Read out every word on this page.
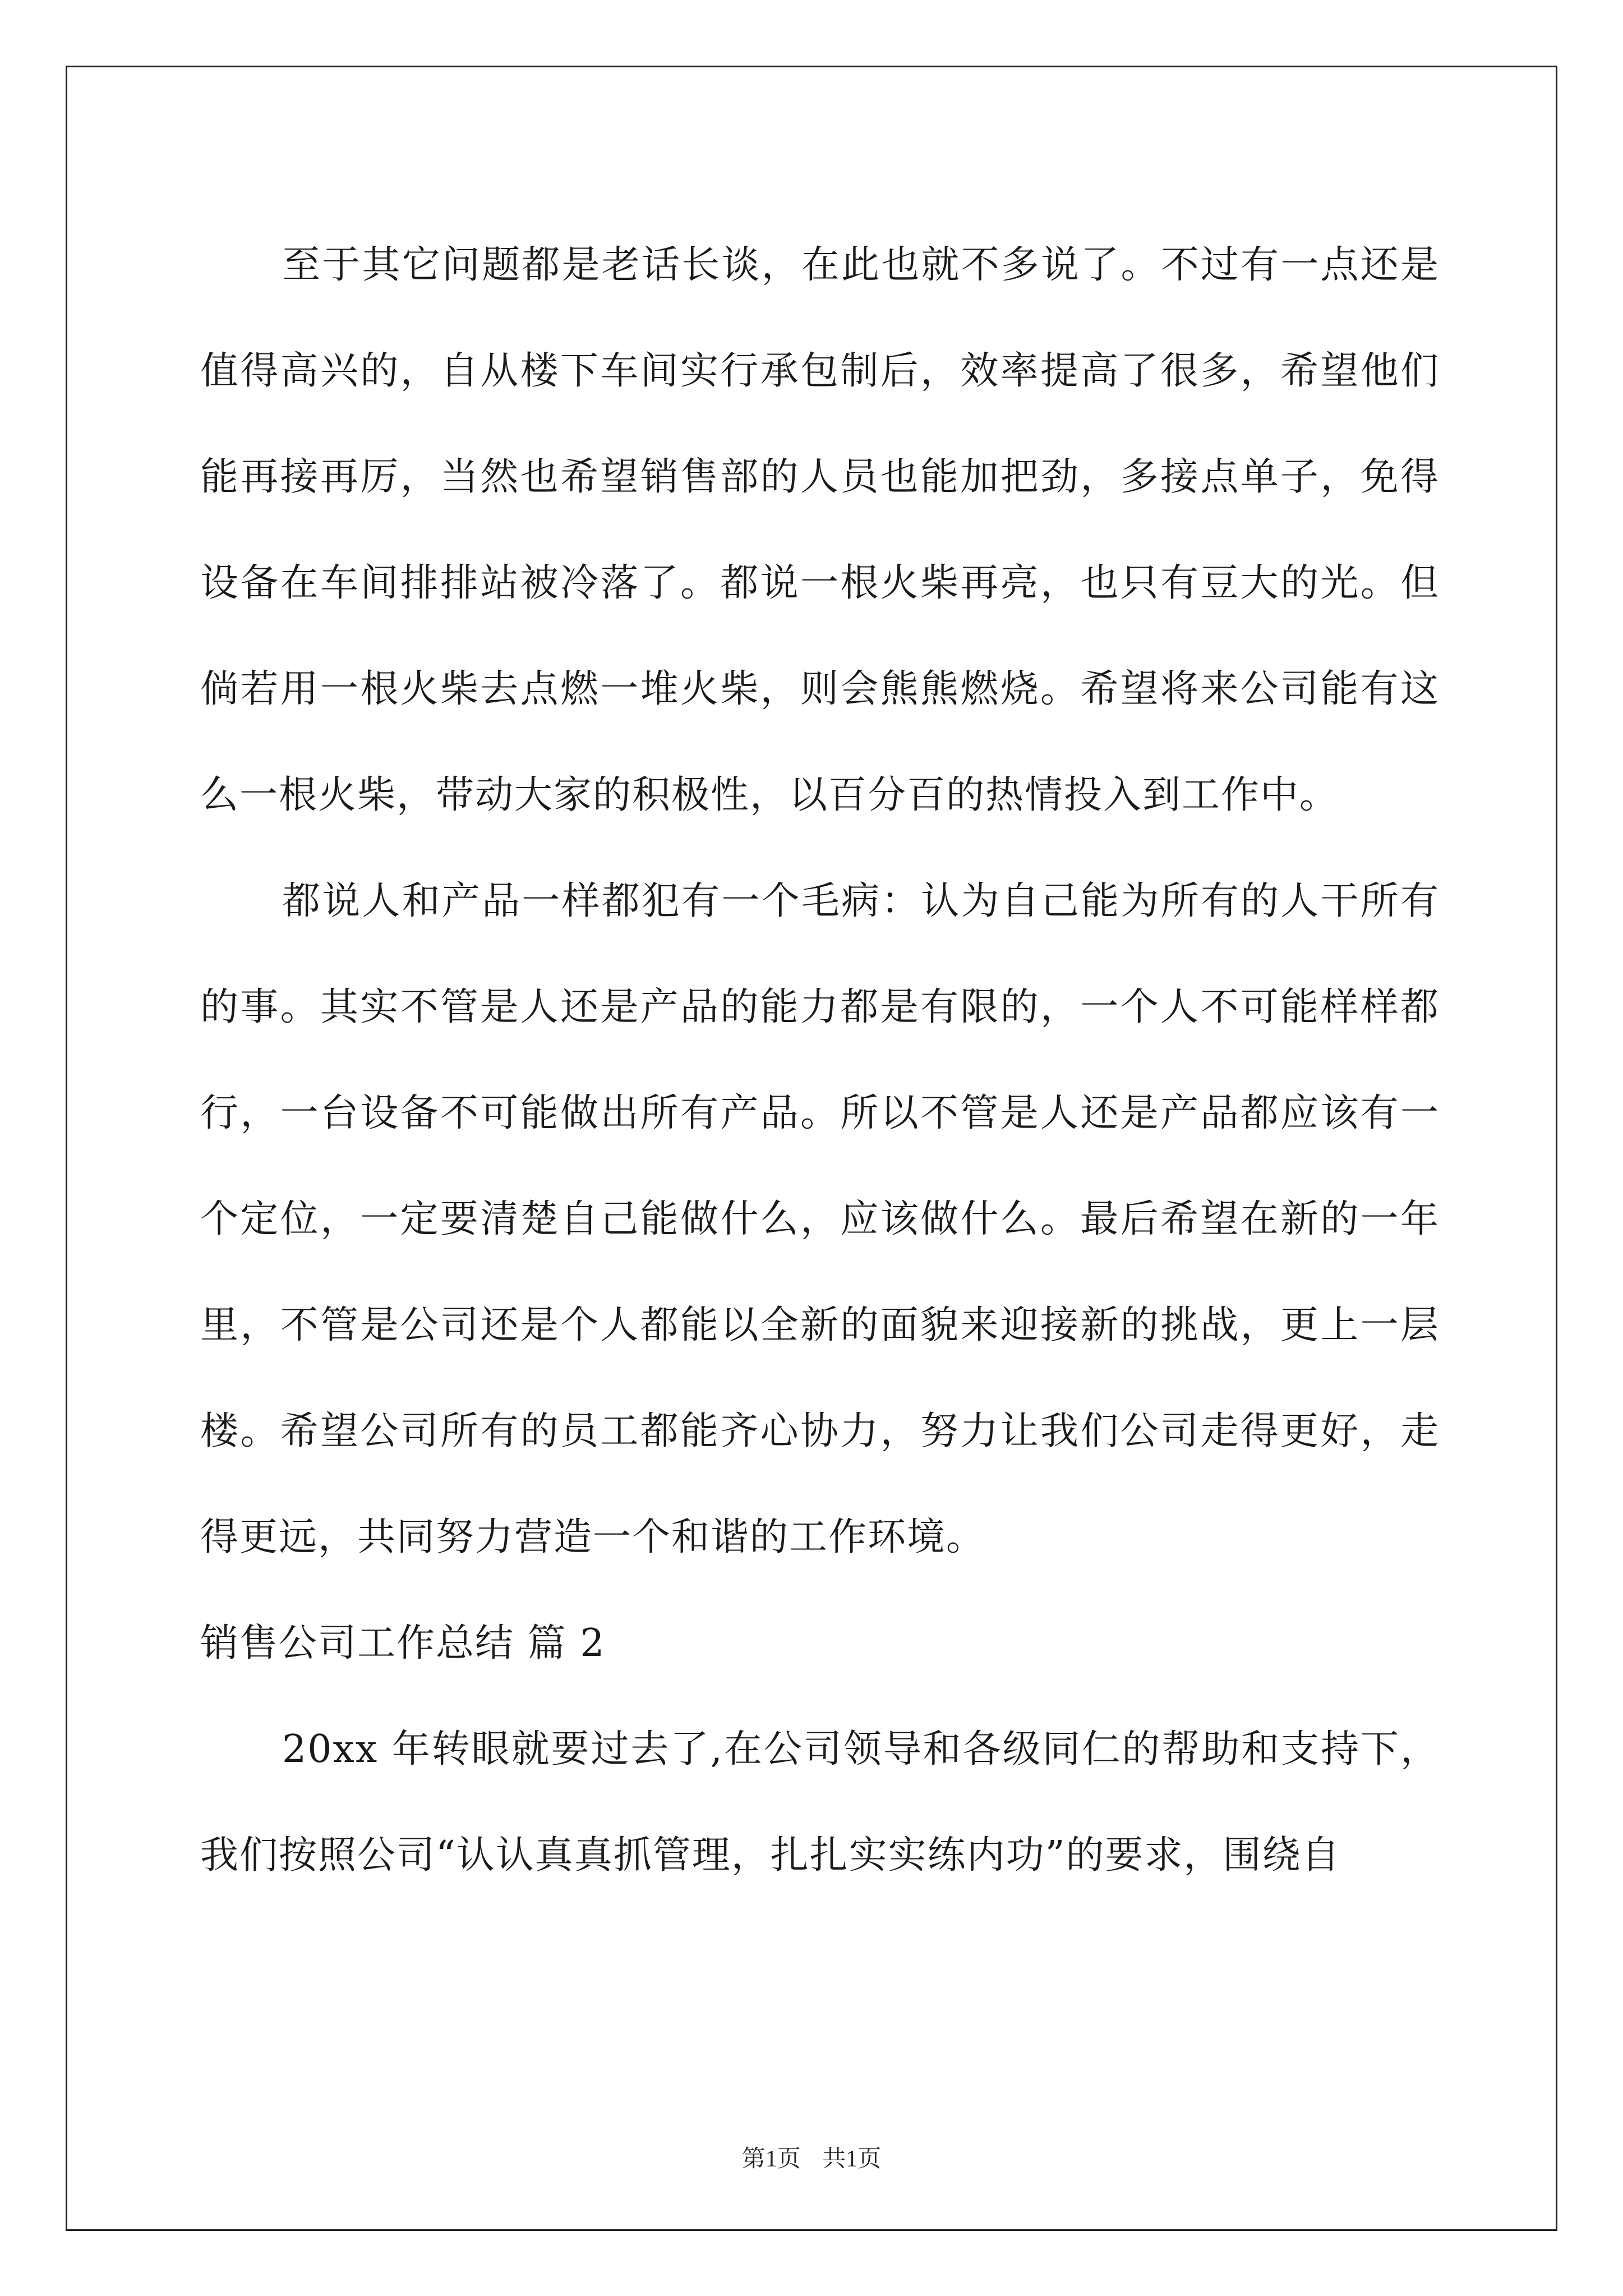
至于其它问题都是老话长谈，在此也就不多说了。不过有一点还是值得高兴的，自从楼下车间实行承包制后，效率提高了很多，希望他们能再接再厉，当然也希望销售部的人员也能加把劲，多接点单子，免得设备在车间排排站被冷落了。都说一根火柴再亮，也只有豆大的光。但倘若用一根火柴去点燃一堆火柴，则会熊熊燃烧。希望将来公司能有这么一根火柴，带动大家的积极性，以百分百的热情投入到工作中。

都说人和产品一样都犯有一个毛病：认为自己能为所有的人干所有的事。其实不管是人还是产品的能力都是有限的，一个人不可能样样都行，一台设备不可能做出所有产品。所以不管是人还是产品都应该有一个定位，一定要清楚自己能做什么，应该做什么。最后希望在新的一年里，不管是公司还是个人都能以全新的面貌来迎接新的挑战，更上一层楼。希望公司所有的员工都能齐心协力，努力让我们公司走得更好，走得更远，共同努力营造一个和谐的工作环境。

销售公司工作总结 篇 2

20xx 年转眼就要过去了,在公司领导和各级同仁的帮助和支持下，我们按照公司“认认真真抓管理，扎扎实实练内功”的要求，围绕自

第1页 共1页
